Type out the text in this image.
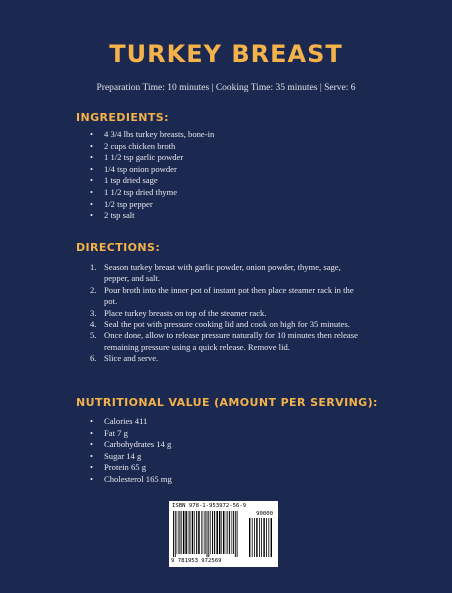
TURKEY BREAST
Preparation Time: 10 minutes | Cooking Time: 35 minutes | Serve: 6
INGREDIENTS:
• 4 3/4 lbs turkey breasts, bone-in
• 2 cups chicken broth
• 1 1/2 tsp garlic powder
• 1/4 tsp onion powder
• 1 tsp dried sage
• 1 1/2 tsp dried thyme
• 1/2 tsp pepper
• 2 tsp salt
DIRECTIONS:
1. Season turkey breast with garlic powder, onion powder, thyme, sage, pepper, and salt.
2. Pour broth into the inner pot of instant pot then place steamer rack in the pot.
3. Place turkey breasts on top of the steamer rack.
4. Seal the pot with pressure cooking lid and cook on high for 35 minutes.
5. Once done, allow to release pressure naturally for 10 minutes then release remaining pressure using a quick release. Remove lid.
6. Slice and serve.
NUTRITIONAL VALUE (AMOUNT PER SERVING):
• Calories 411
• Fat 7 g
• Carbohydrates 14 g
• Sugar 14 g
• Protein 65 g
• Cholesterol 165 mg
ISBN 978-1-953972-56-9
90000
9 781953 972569
